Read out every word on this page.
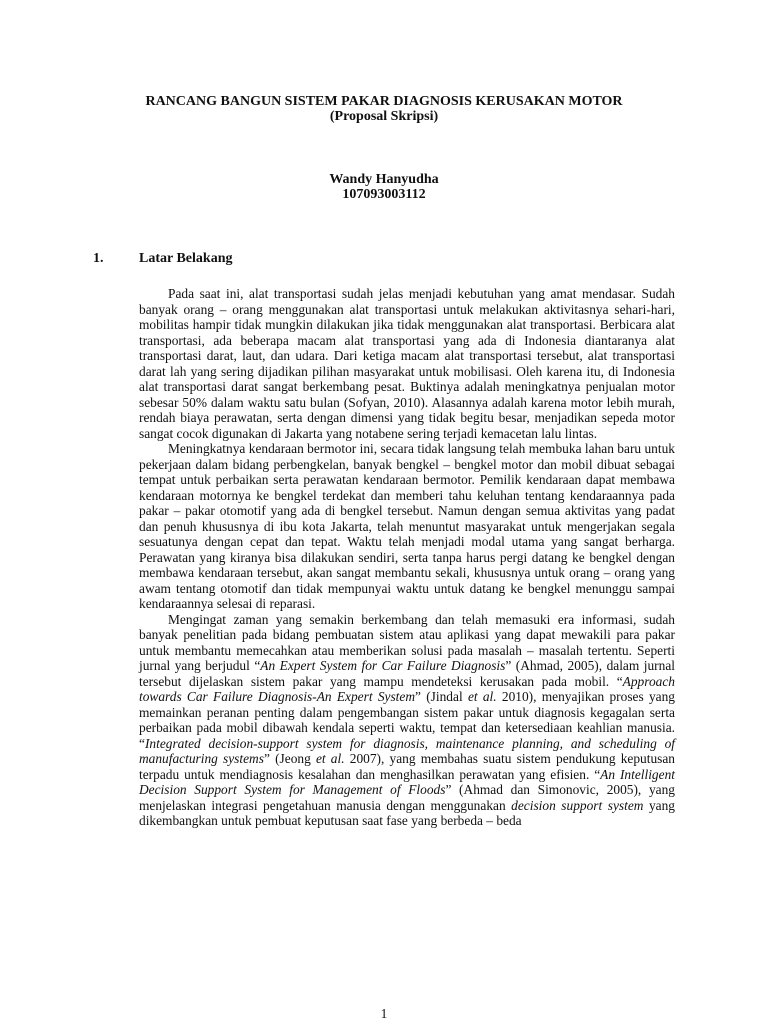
RANCANG BANGUN SISTEM PAKAR DIAGNOSIS KERUSAKAN MOTOR
(Proposal Skripsi)
Wandy Hanyudha
107093003112
1.	Latar Belakang

Pada saat ini, alat transportasi sudah jelas menjadi kebutuhan yang amat mendasar. Sudah banyak orang – orang menggunakan alat transportasi untuk melakukan aktivitasnya sehari-hari, mobilitas hampir tidak mungkin dilakukan jika tidak menggunakan alat transportasi. Berbicara alat transportasi, ada beberapa macam alat transportasi yang ada di Indonesia diantaranya alat transportasi darat, laut, dan udara. Dari ketiga macam alat transportasi tersebut, alat transportasi darat lah yang sering dijadikan pilihan masyarakat untuk mobilisasi. Oleh karena itu, di Indonesia alat transportasi darat sangat berkembang pesat. Buktinya adalah meningkatnya penjualan motor sebesar 50% dalam waktu satu bulan (Sofyan, 2010). Alasannya adalah karena motor lebih murah, rendah biaya perawatan, serta dengan dimensi yang tidak begitu besar, menjadikan sepeda motor sangat cocok digunakan di Jakarta yang notabene sering terjadi kemacetan lalu lintas.

Meningkatnya kendaraan bermotor ini, secara tidak langsung telah membuka lahan baru untuk pekerjaan dalam bidang perbengkelan, banyak bengkel – bengkel motor dan mobil dibuat sebagai tempat untuk perbaikan serta perawatan kendaraan bermotor. Pemilik kendaraan dapat membawa kendaraan motornya ke bengkel terdekat dan memberi tahu keluhan tentang kendaraannya pada pakar – pakar otomotif yang ada di bengkel tersebut. Namun dengan semua aktivitas yang padat dan penuh khususnya di ibu kota Jakarta, telah menuntut masyarakat untuk mengerjakan segala sesuatunya dengan cepat dan tepat. Waktu telah menjadi modal utama yang sangat berharga. Perawatan yang kiranya bisa dilakukan sendiri, serta tanpa harus pergi datang ke bengkel dengan membawa kendaraan tersebut, akan sangat membantu sekali, khususnya untuk orang – orang yang awam tentang otomotif dan tidak mempunyai waktu untuk datang ke bengkel menunggu sampai kendaraannya selesai di reparasi.

Mengingat zaman yang semakin berkembang dan telah memasuki era informasi, sudah banyak penelitian pada bidang pembuatan sistem atau aplikasi yang dapat mewakili para pakar untuk membantu memecahkan atau memberikan solusi pada masalah – masalah tertentu. Seperti jurnal yang berjudul “An Expert System for Car Failure Diagnosis” (Ahmad, 2005), dalam jurnal tersebut dijelaskan sistem pakar yang mampu mendeteksi kerusakan pada mobil. “Approach towards Car Failure Diagnosis-An Expert System” (Jindal et al. 2010), menyajikan proses yang memainkan peranan penting dalam pengembangan sistem pakar untuk diagnosis kegagalan serta perbaikan pada mobil dibawah kendala seperti waktu, tempat dan ketersediaan keahlian manusia. “Integrated decision-support system for diagnosis, maintenance planning, and scheduling of manufacturing systems” (Jeong et al. 2007), yang membahas suatu sistem pendukung keputusan terpadu untuk mendiagnosis kesalahan dan menghasilkan perawatan yang efisien. “An Intelligent Decision Support System for Management of Floods” (Ahmad dan Simonovic, 2005), yang menjelaskan integrasi pengetahuan manusia dengan menggunakan decision support system yang dikembangkan untuk pembuat keputusan saat fase yang berbeda – beda

1
